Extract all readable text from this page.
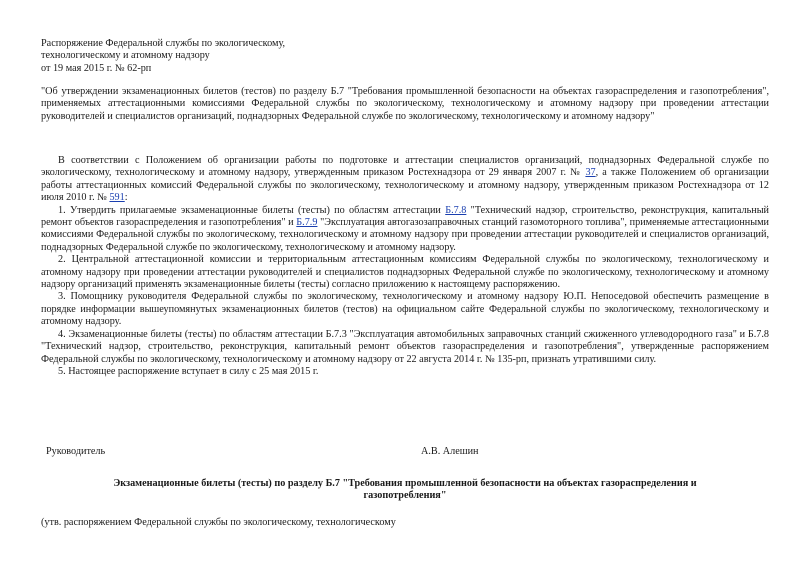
Распоряжение Федеральной службы по экологическому,
технологическому и атомному надзору
от 19 мая 2015 г. № 62-рп
"Об утверждении экзаменационных билетов (тестов) по разделу Б.7 "Требования промышленной безопасности на объектах газораспределения и газопотребления", применяемых аттестационными комиссиями Федеральной службы по экологическому, технологическому и атомному надзору при проведении аттестации руководителей и специалистов организаций, поднадзорных Федеральной службе по экологическому, технологическому и атомному надзору"

В соответствии с Положением об организации работы по подготовке и аттестации специалистов организаций, поднадзорных Федеральной службе по экологическому, технологическому и атомному надзору, утвержденным приказом Ростехнадзора от 29 января 2007 г. № 37, а также Положением об организации работы аттестационных комиссий Федеральной службы по экологическому, технологическому и атомному надзору, утвержденным приказом Ростехнадзора от 12 июля 2010 г. № 591:

1. Утвердить прилагаемые экзаменационные билеты (тесты) по областям аттестации Б.7.8 "Технический надзор, строительство, реконструкция, капитальный ремонт объектов газораспределения и газопотребления" и Б.7.9 "Эксплуатация автогазозаправочных станций газомоторного топлива", применяемые аттестационными комиссиями Федеральной службы по экологическому, технологическому и атомному надзору при проведении аттестации руководителей и специалистов организаций, поднадзорных Федеральной службе по экологическому, технологическому и атомному надзору.

2. Центральной аттестационной комиссии и территориальным аттестационным комиссиям Федеральной службы по экологическому, технологическому и атомному надзору при проведении аттестации руководителей и специалистов поднадзорных Федеральной службе по экологическому, технологическому и атомному надзору организаций применять экзаменационные билеты (тесты) согласно приложению к настоящему распоряжению.

3. Помощнику руководителя Федеральной службы по экологическому, технологическому и атомному надзору Ю.П. Непоседовой обеспечить размещение в порядке информации вышеупомянутых экзаменационных билетов (тестов) на официальном сайте Федеральной службы по экологическому, технологическому и атомному надзору.

4. Экзаменационные билеты (тесты) по областям аттестации Б.7.3 "Эксплуатация автомобильных заправочных станций сжиженного углеводородного газа" и Б.7.8 "Технический надзор, строительство, реконструкция, капитальный ремонт объектов газораспределения и газопотребления", утвержденные распоряжением Федеральной службы по экологическому, технологическому и атомному надзору от 22 августа 2014 г. № 135-рп, признать утратившими силу.

5. Настоящее распоряжение вступает в силу с 25 мая 2015 г.

Руководитель	А.В. Алешин
Экзаменационные билеты (тесты) по разделу Б.7 "Требования промышленной безопасности на объектах газораспределения и газопотребления"
(утв. распоряжением Федеральной службы по экологическому, технологическому
